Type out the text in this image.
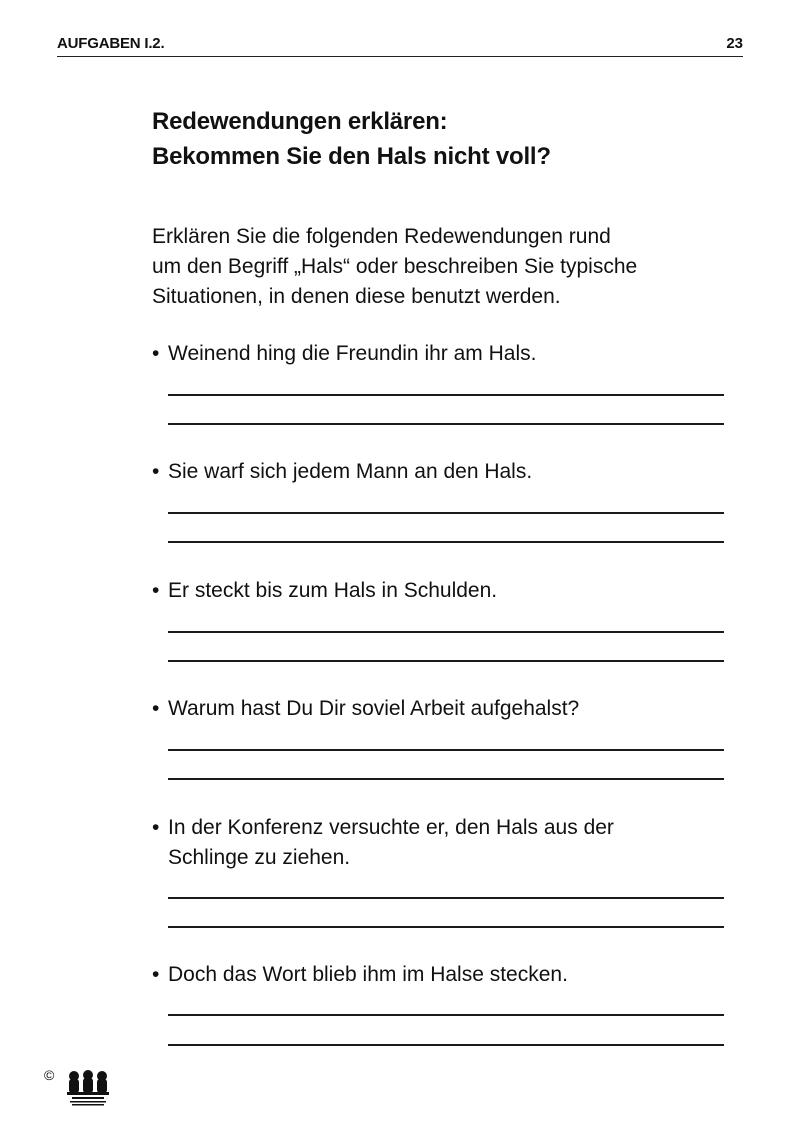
AUFGABEN I.2.	23
Redewendungen erklären:
Bekommen Sie den Hals nicht voll?

Erklären Sie die folgenden Redewendungen rund
um den Begriff „Hals“ oder beschreiben Sie typische
Situationen, in denen diese benutzt werden.

• Weinend hing die Freundin ihr am Hals.
• Sie warf sich jedem Mann an den Hals.
• Er steckt bis zum Hals in Schulden.
• Warum hast Du Dir soviel Arbeit aufgehalst?
• In der Konferenz versuchte er, den Hals aus der
Schlinge zu ziehen.
• Doch das Wort blieb ihm im Halse stecken.
©
